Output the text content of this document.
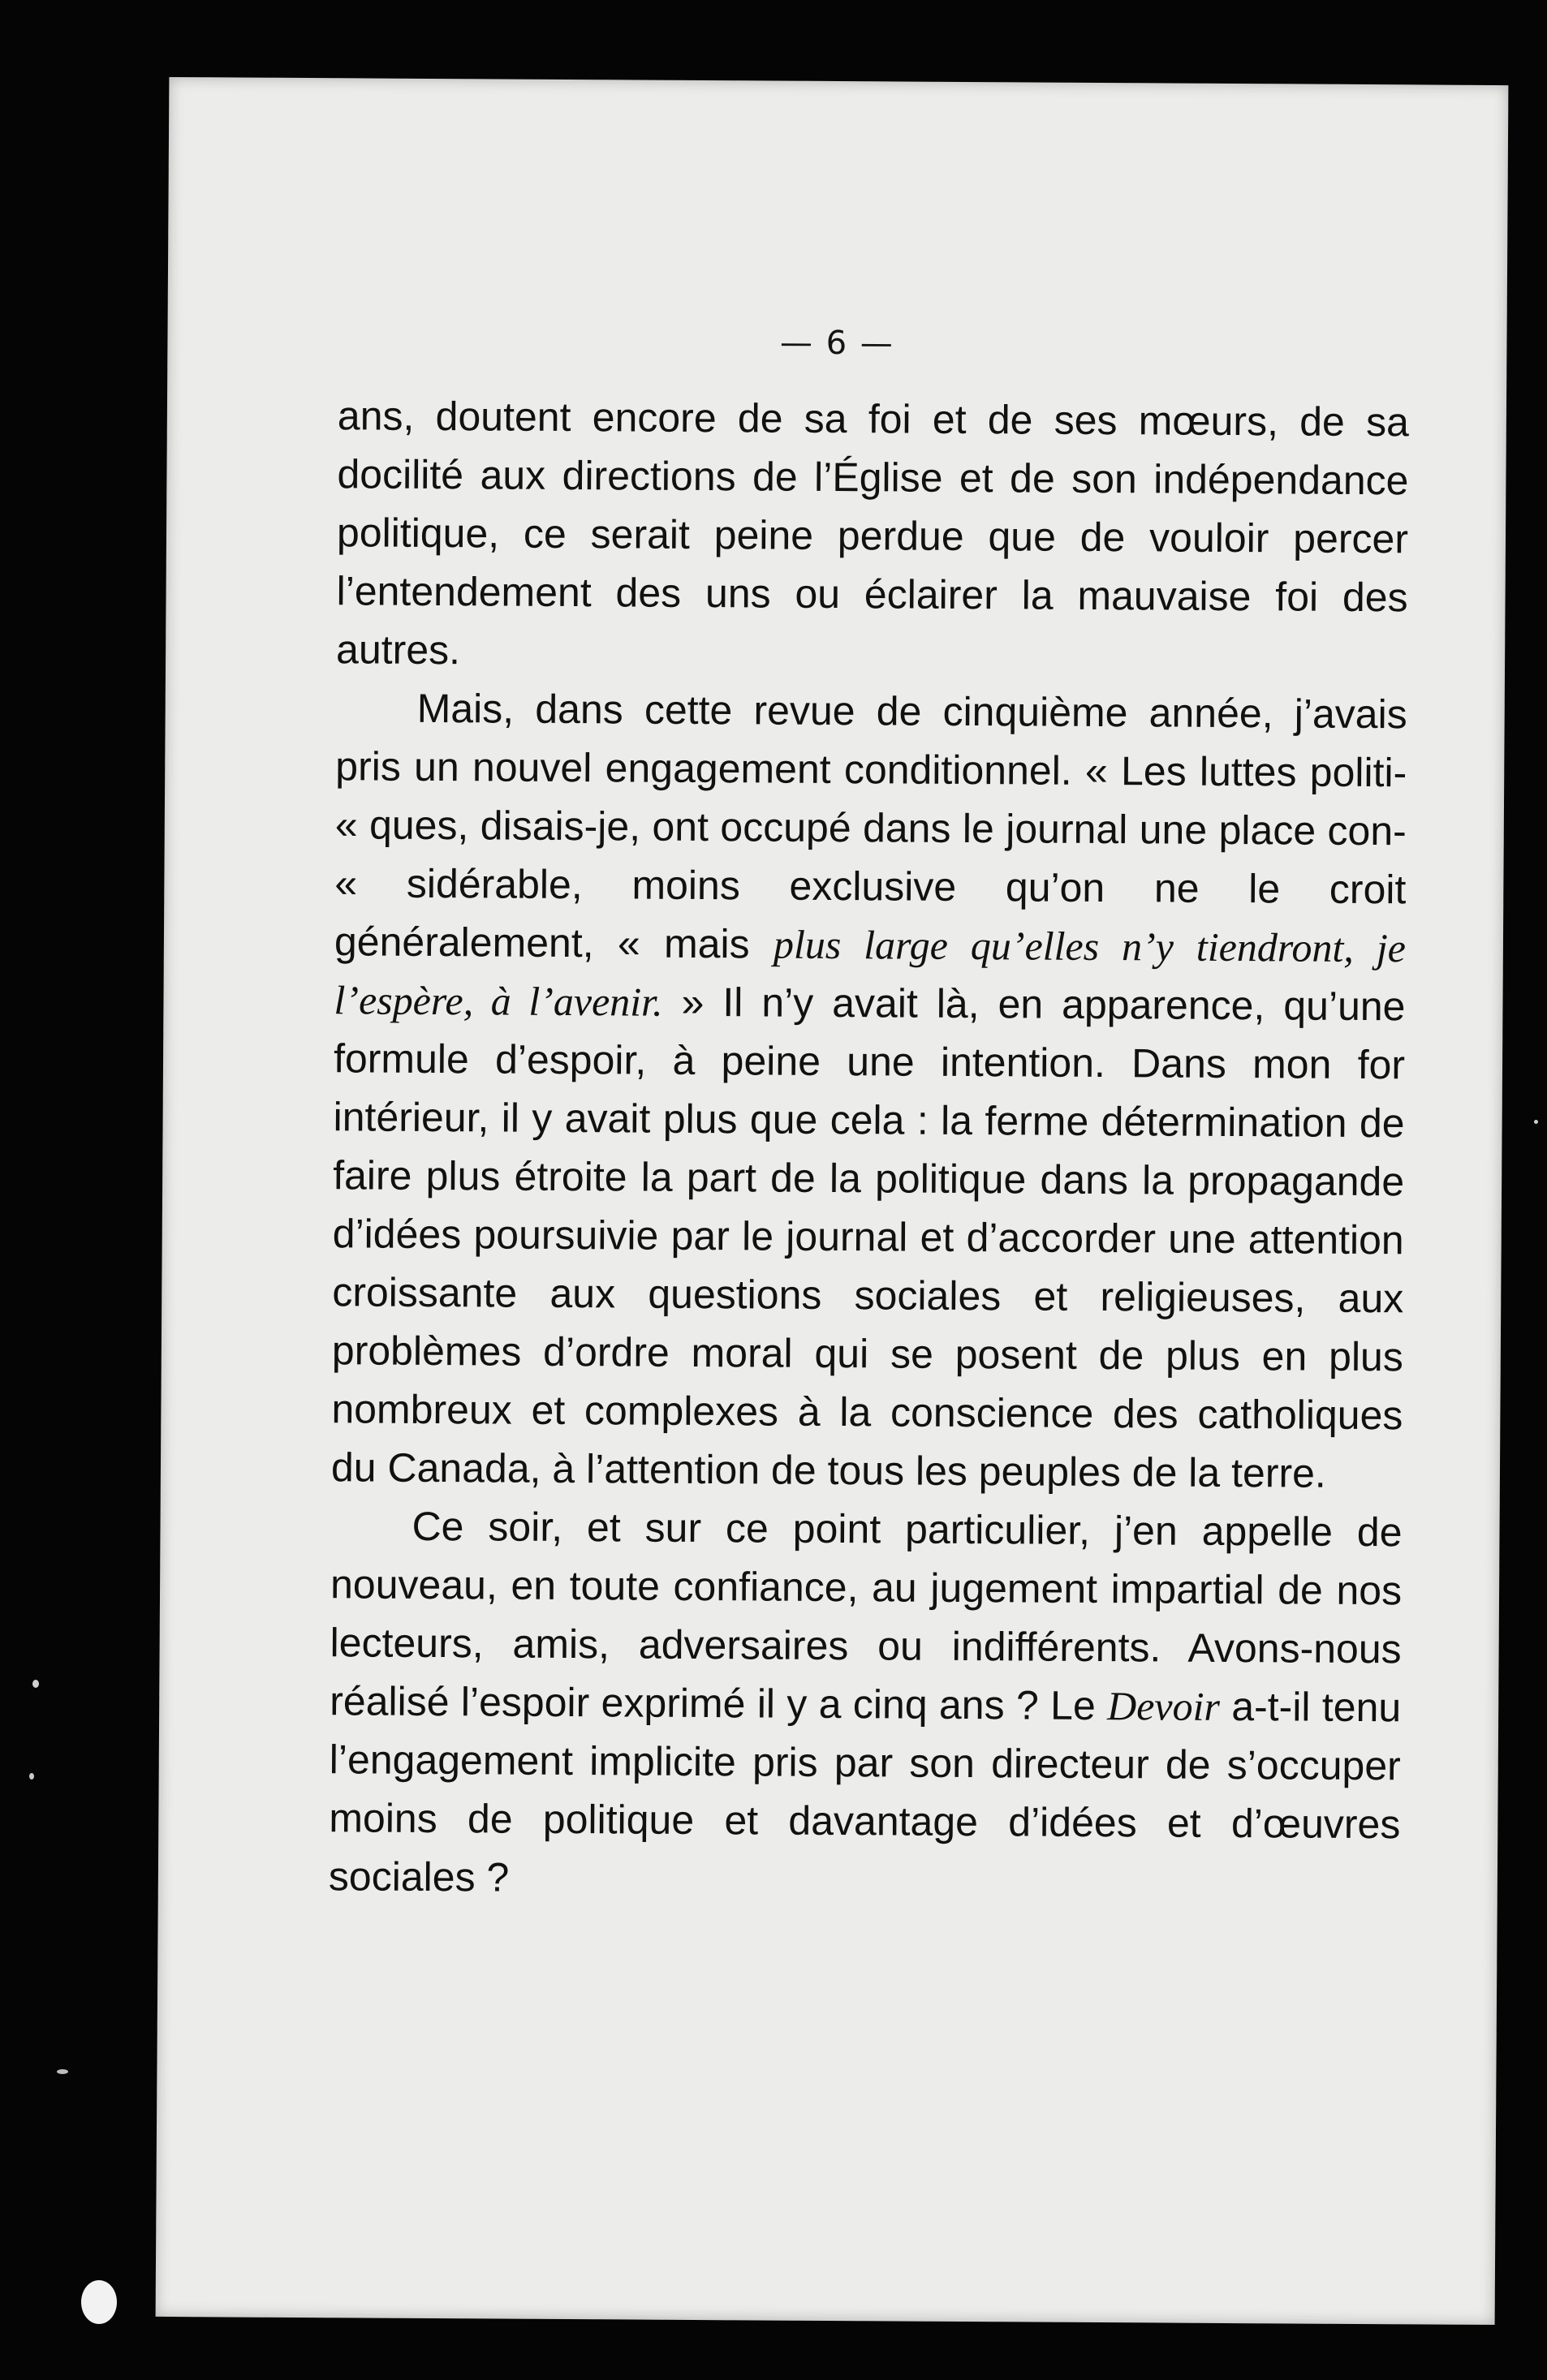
— 6 —

ans, doutent encore de sa foi et de ses mœurs, de sa docilité aux directions de l’Église et de son indépendance politique, ce serait peine perdue que de vouloir percer l’entendement des uns ou éclairer la mauvaise foi des autres.

Mais, dans cette revue de cinquième année, j’avais pris un nouvel engagement conditionnel. « Les luttes politi- « ques, disais-je, ont occupé dans le journal une place con- « sidérable, moins exclusive qu’on ne le croit généralement, « mais plus large qu’elles n’y tiendront, je l’espère, à l’avenir. » Il n’y avait là, en apparence, qu’une formule d’espoir, à peine une intention. Dans mon for intérieur, il y avait plus que cela : la ferme détermination de faire plus étroite la part de la politique dans la propagande d’idées poursuivie par le journal et d’accorder une attention croissante aux questions sociales et religieuses, aux problèmes d’ordre moral qui se posent de plus en plus nombreux et complexes à la conscience des catholiques du Canada, à l’attention de tous les peuples de la terre.

Ce soir, et sur ce point particulier, j’en appelle de nouveau, en toute confiance, au jugement impartial de nos lecteurs, amis, adversaires ou indifférents. Avons-nous réalisé l’espoir exprimé il y a cinq ans ? Le Devoir a-t-il tenu l’engagement implicite pris par son directeur de s’occuper moins de politique et davantage d’idées et d’œuvres sociales ?
